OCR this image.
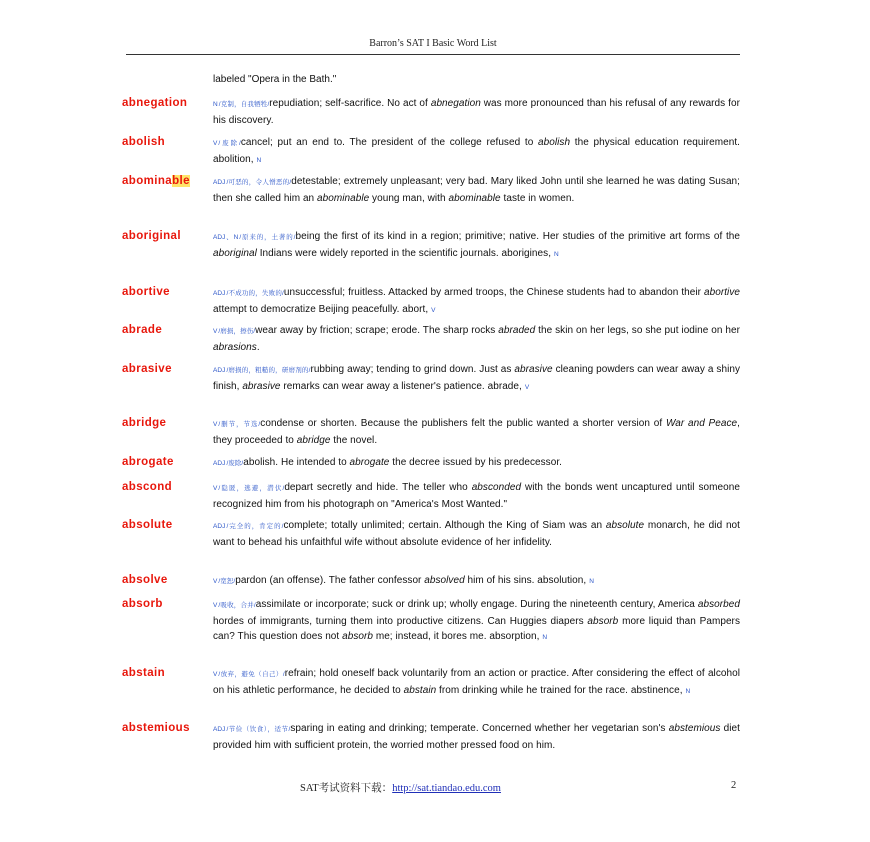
Barron’s SAT I Basic Word List
labeled "Opera in the Bath."
abnegation	N/克制，自我牺牲/repudiation; self-sacrifice. No act of abnegation was more pronounced than his refusal of any rewards for his discovery.
abolish	V/废除/cancel; put an end to. The president of the college refused to abolish the physical education requirement. abolition, N
abominable	ADJ/可恶的，令人憎恶的/detestable; extremely unpleasant; very bad. Mary liked John until she learned he was dating Susan; then she called him an abominable young man, with abominable taste in women.
aboriginal	ADJ、N/原来的，土著的/being the first of its kind in a region; primitive; native. Her studies of the primitive art forms of the aboriginal Indians were widely reported in the scientific journals. aborigines, N
abortive	ADJ/不成功的，失败的/unsuccessful; fruitless. Attacked by armed troops, the Chinese students had to abandon their abortive attempt to democratize Beijing peacefully. abort, V
abrade	V/磨损，擦伤/wear away by friction; scrape; erode. The sharp rocks abraded the skin on her legs, so she put iodine on her abrasions.
abrasive	ADJ/磨损的，粗糙的，研磨剂的/rubbing away; tending to grind down. Just as abrasive cleaning powders can wear away a shiny finish, abrasive remarks can wear away a listener's patience. abrade, V
abridge	V/删节，节选/condense or shorten. Because the publishers felt the public wanted a shorter version of War and Peace, they proceeded to abridge the novel.
abrogate	ADJ/废除/abolish. He intended to abrogate the decree issued by his predecessor.
abscond	V/隐匿，逃避，潜伏/depart secretly and hide. The teller who absconded with the bonds went uncaptured until someone recognized him from his photograph on "America's Most Wanted."
absolute	ADJ/完全的，肯定的/complete; totally unlimited; certain. Although the King of Siam was an absolute monarch, he did not want to behead his unfaithful wife without absolute evidence of her infidelity.
absolve	V/宽恕/pardon (an offense). The father confessor absolved him of his sins. absolution, N
absorb	V/吸收，合并/assimilate or incorporate; suck or drink up; wholly engage. During the nineteenth century, America absorbed hordes of immigrants, turning them into productive citizens. Can Huggies diapers absorb more liquid than Pampers can? This question does not absorb me; instead, it bores me. absorption, N
abstain	V/放弃，避免（自己）/refrain; hold oneself back voluntarily from an action or practice. After considering the effect of alcohol on his athletic performance, he decided to abstain from drinking while he trained for the race. abstinence, N
abstemious	ADJ/节俭（饮食），适节/sparing in eating and drinking; temperate. Concerned whether her vegetarian son's abstemious diet provided him with sufficient protein, the worried mother pressed food on him.
SAT考试资料下载：http://sat.tiandao.edu.com	2
